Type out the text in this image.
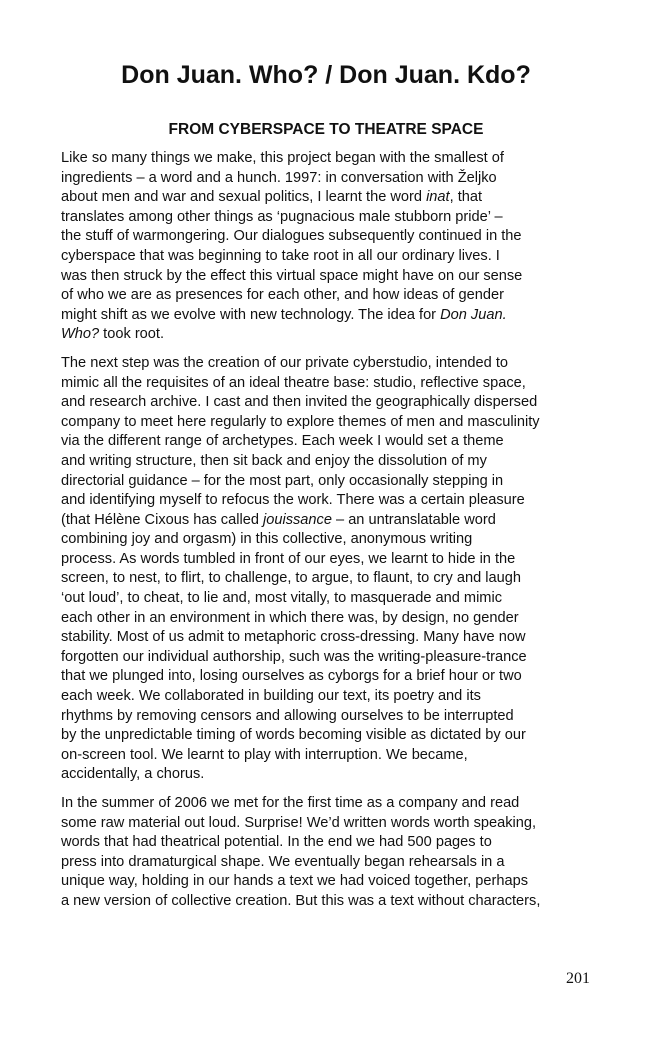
Don Juan. Who? / Don Juan. Kdo?
FROM CYBERSPACE TO THEATRE SPACE

Like so many things we make, this project began with the smallest of
ingredients – a word and a hunch. 1997: in conversation with Željko
about men and war and sexual politics, I learnt the word inat, that
translates among other things as ‘pugnacious male stubborn pride’ –
the stuff of warmongering. Our dialogues subsequently continued in the
cyberspace that was beginning to take root in all our ordinary lives. I
was then struck by the effect this virtual space might have on our sense
of who we are as presences for each other, and how ideas of gender
might shift as we evolve with new technology. The idea for Don Juan.
Who? took root.

The next step was the creation of our private cyberstudio, intended to
mimic all the requisites of an ideal theatre base: studio, reflective space,
and research archive. I cast and then invited the geographically dispersed
company to meet here regularly to explore themes of men and masculinity
via the different range of archetypes. Each week I would set a theme
and writing structure, then sit back and enjoy the dissolution of my
directorial guidance – for the most part, only occasionally stepping in
and identifying myself to refocus the work. There was a certain pleasure
(that Hélène Cixous has called jouissance – an untranslatable word
combining joy and orgasm) in this collective, anonymous writing
process. As words tumbled in front of our eyes, we learnt to hide in the
screen, to nest, to flirt, to challenge, to argue, to flaunt, to cry and laugh
‘out loud’, to cheat, to lie and, most vitally, to masquerade and mimic
each other in an environment in which there was, by design, no gender
stability. Most of us admit to metaphoric cross-dressing. Many have now
forgotten our individual authorship, such was the writing-pleasure-trance
that we plunged into, losing ourselves as cyborgs for a brief hour or two
each week. We collaborated in building our text, its poetry and its
rhythms by removing censors and allowing ourselves to be interrupted
by the unpredictable timing of words becoming visible as dictated by our
on-screen tool. We learnt to play with interruption. We became,
accidentally, a chorus.

In the summer of 2006 we met for the first time as a company and read
some raw material out loud. Surprise! We’d written words worth speaking,
words that had theatrical potential. In the end we had 500 pages to
press into dramaturgical shape. We eventually began rehearsals in a
unique way, holding in our hands a text we had voiced together, perhaps
a new version of collective creation. But this was a text without characters,

201
